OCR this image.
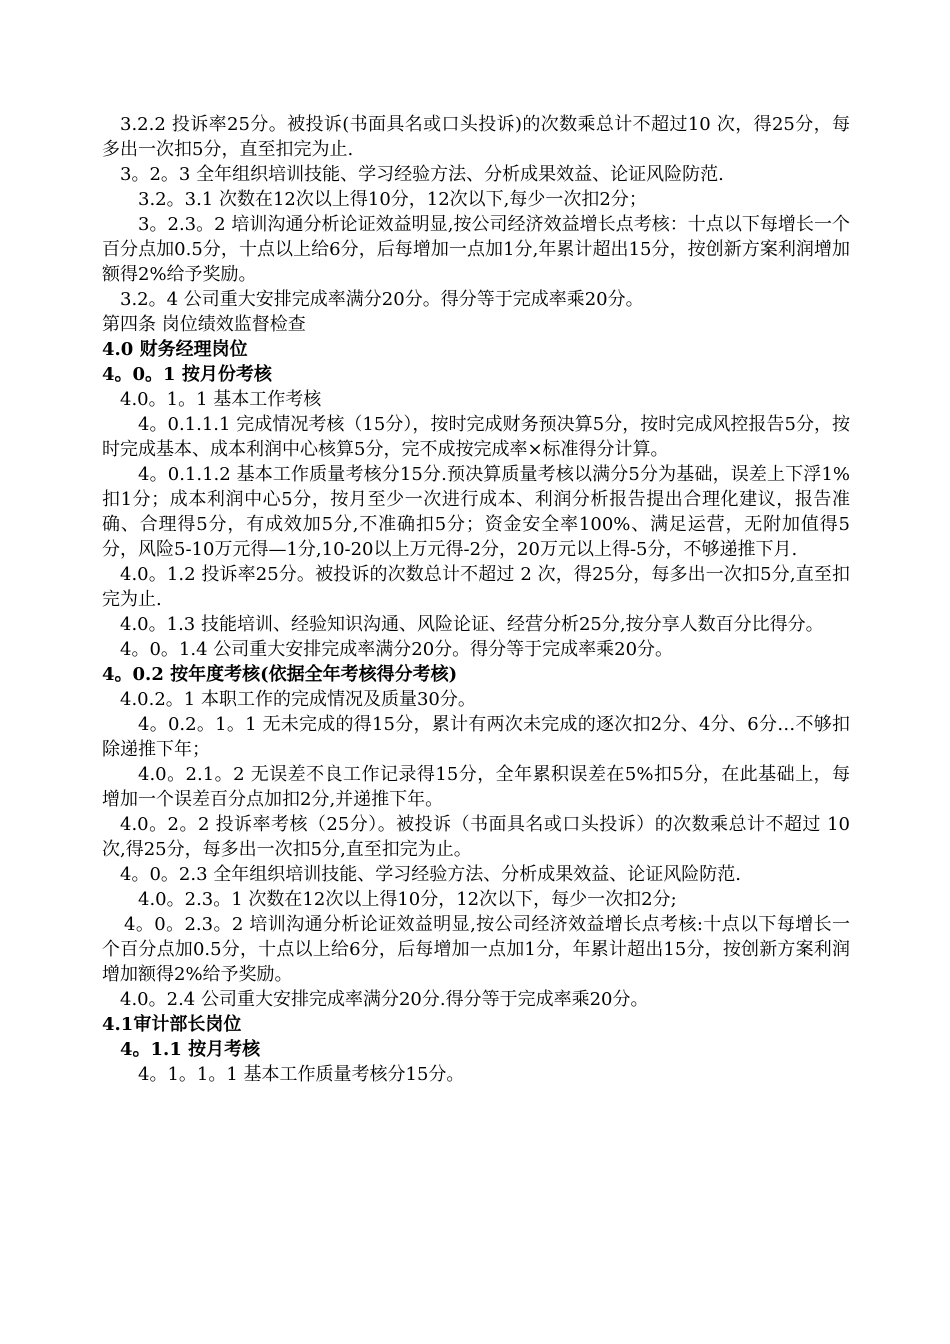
3.2.2 投诉率25分。被投诉(书面具名或口头投诉)的次数乘总计不超过10 次，得25分，每多出一次扣5分，直至扣完为止.

3。2。3 全年组织培训技能、学习经验方法、分析成果效益、论证风险防范.

3.2。3.1 次数在12次以上得10分，12次以下,每少一次扣2分；

3。2.3。2 培训沟通分析论证效益明显,按公司经济效益增长点考核：十点以下每增长一个百分点加0.5分，十点以上给6分，后每增加一点加1分,年累计超出15分，按创新方案利润增加额得2%给予奖励。

3.2。4 公司重大安排完成率满分20分。得分等于完成率乘20分。

第四条 岗位绩效监督检查

4.0 财务经理岗位

4。0。1 按月份考核

4.0。1。1 基本工作考核

4。0.1.1.1 完成情况考核（15分），按时完成财务预决算5分，按时完成风控报告5分，按时完成基本、成本利润中心核算5分，完不成按完成率×标准得分计算。

4。0.1.1.2 基本工作质量考核分15分.预决算质量考核以满分5分为基础，误差上下浮1%扣1分；成本利润中心5分，按月至少一次进行成本、利润分析报告提出合理化建议，报告准确、合理得5分，有成效加5分,不准确扣5分；资金安全率100%、满足运营，无附加值得5分，风险5-10万元得—1分,10-20以上万元得-2分，20万元以上得-5分，不够递推下月.

4.0。1.2 投诉率25分。被投诉的次数总计不超过 2 次，得25分，每多出一次扣5分,直至扣完为止.

4.0。1.3 技能培训、经验知识沟通、风险论证、经营分析25分,按分享人数百分比得分。

4。0。1.4 公司重大安排完成率满分20分。得分等于完成率乘20分。

4。0.2 按年度考核(依据全年考核得分考核)

4.0.2。1 本职工作的完成情况及质量30分。

4。0.2。1。1 无未完成的得15分，累计有两次未完成的逐次扣2分、4分、6分…不够扣除递推下年；

4.0。2.1。2 无误差不良工作记录得15分，全年累积误差在5%扣5分，在此基础上，每增加一个误差百分点加扣2分,并递推下年。

4.0。2。2 投诉率考核（25分）。被投诉（书面具名或口头投诉）的次数乘总计不超过 10 次,得25分，每多出一次扣5分,直至扣完为止。

4。0。2.3 全年组织培训技能、学习经验方法、分析成果效益、论证风险防范.

4.0。2.3。1 次数在12次以上得10分，12次以下，每少一次扣2分;

4。0。2.3。2 培训沟通分析论证效益明显,按公司经济效益增长点考核:十点以下每增长一个百分点加0.5分，十点以上给6分，后每增加一点加1分，年累计超出15分，按创新方案利润增加额得2%给予奖励。

4.0。2.4 公司重大安排完成率满分20分.得分等于完成率乘20分。

4.1审计部长岗位

4。1.1 按月考核

4。1。1。1 基本工作质量考核分15分。
